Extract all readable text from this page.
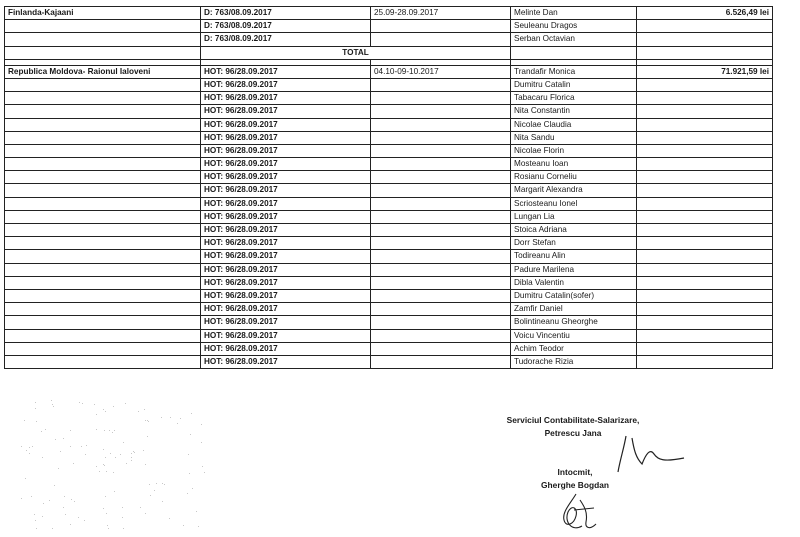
Finlanda-Kajaani	D: 763/08.09.2017	25.09-28.09.2017	Melinte Dan	6.526,49 lei
	D: 763/08.09.2017		Seuleanu Dragos	
	D: 763/08.09.2017		Serban Octavian	
	TOTAL			

Republica Moldova- Raionul Ialoveni	HOT: 96/28.09.2017	04.10-09-10.2017	Trandafir Monica	71.921,59 lei
	HOT: 96/28.09.2017		Dumitru Catalin	
	HOT: 96/28.09.2017		Tabacaru Florica	
	HOT: 96/28.09.2017		Nita Constantin	
	HOT: 96/28.09.2017		Nicolae Claudia	
	HOT: 96/28.09.2017		Nita Sandu	
	HOT: 96/28.09.2017		Nicolae Florin	
	HOT: 96/28.09.2017		Mosteanu Ioan	
	HOT: 96/28.09.2017		Rosianu Corneliu	
	HOT: 96/28.09.2017		Margarit Alexandra	
	HOT: 96/28.09.2017		Scriosteanu Ionel	
	HOT: 96/28.09.2017		Lungan Lia	
	HOT: 96/28.09.2017		Stoica Adriana	
	HOT: 96/28.09.2017		Dorr Stefan	
	HOT: 96/28.09.2017		Todireanu Alin	
	HOT: 96/28.09.2017		Padure Marilena	
	HOT: 96/28.09.2017		Dibla Valentin	
	HOT: 96/28.09.2017		Dumitru Catalin(sofer)	
	HOT: 96/28.09.2017		Zamfir Daniel	
	HOT: 96/28.09.2017		Bolintineanu Gheorghe	
	HOT: 96/28.09.2017		Voicu Vincentiu	
	HOT: 96/28.09.2017		Achim Teodor	
	HOT: 96/28.09.2017		Tudorache Rizia	
Serviciul Contabilitate-Salarizare,
Petrescu Jana
Intocmit,
Gherghe Bogdan
